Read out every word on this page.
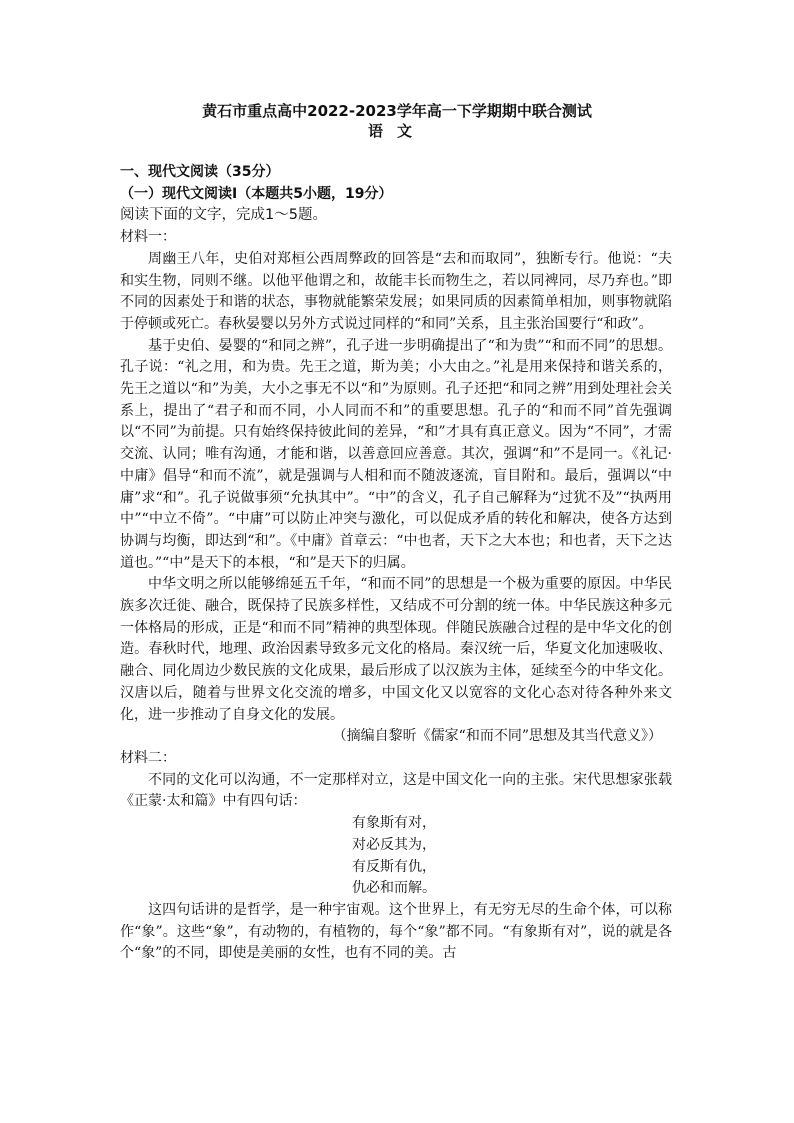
黄石市重点高中2022-2023学年高一下学期期中联合测试
语文

一、现代文阅读（35分）

（一）现代文阅读Ⅰ（本题共5小题，19分）

阅读下面的文字，完成1～5题。

材料一：

周幽王八年，史伯对郑桓公西周弊政的回答是“去和而取同”，独断专行。他说：“夫和实生物，同则不继。以他平他谓之和，故能丰长而物生之，若以同裨同，尽乃弃也。”即不同的因素处于和谐的状态，事物就能繁荣发展；如果同质的因素简单相加，则事物就陷于停顿或死亡。春秋晏婴以另外方式说过同样的“和同”关系，且主张治国要行“和政”。

基于史伯、晏婴的“和同之辨”，孔子进一步明确提出了“和为贵”“和而不同”的思想。孔子说：“礼之用，和为贵。先王之道，斯为美；小大由之。”礼是用来保持和谐关系的，先王之道以“和”为美，大小之事无不以“和”为原则。孔子还把“和同之辨”用到处理社会关系上，提出了“君子和而不同，小人同而不和”的重要思想。孔子的“和而不同”首先强调以“不同”为前提。只有始终保持彼此间的差异，“和”才具有真正意义。因为“不同”，才需交流、认同；唯有沟通，才能和谐，以善意回应善意。其次，强调“和”不是同一。《礼记·中庸》倡导“和而不流”，就是强调与人相和而不随波逐流，盲目附和。最后，强调以“中庸”求“和”。孔子说做事须“允执其中”。“中”的含义，孔子自己解释为“过犹不及”“执两用中”“中立不倚”。“中庸”可以防止冲突与激化，可以促成矛盾的转化和解决，使各方达到协调与均衡，即达到“和”。《中庸》首章云：“中也者，天下之大本也；和也者，天下之达道也。”“中”是天下的本根，“和”是天下的归属。

中华文明之所以能够绵延五千年，“和而不同”的思想是一个极为重要的原因。中华民族多次迁徙、融合，既保持了民族多样性，又结成不可分割的统一体。中华民族这种多元一体格局的形成，正是“和而不同”精神的典型体现。伴随民族融合过程的是中华文化的创造。春秋时代，地理、政治因素导致多元文化的格局。秦汉统一后，华夏文化加速吸收、融合、同化周边少数民族的文化成果，最后形成了以汉族为主体，延续至今的中华文化。汉唐以后，随着与世界文化交流的增多，中国文化又以宽容的文化心态对待各种外来文化，进一步推动了自身文化的发展。

（摘编自黎昕《儒家“和而不同”思想及其当代意义》）

材料二：

不同的文化可以沟通，不一定那样对立，这是中国文化一向的主张。宋代思想家张载《正蒙·太和篇》中有四句话：

有象斯有对，

对必反其为，

有反斯有仇，

仇必和而解。

这四句话讲的是哲学，是一种宇宙观。这个世界上，有无穷无尽的生命个体，可以称作“象”。这些“象”，有动物的，有植物的，每个“象”都不同。“有象斯有对”，说的就是各个“象”的不同，即使是美丽的女性，也有不同的美。古
